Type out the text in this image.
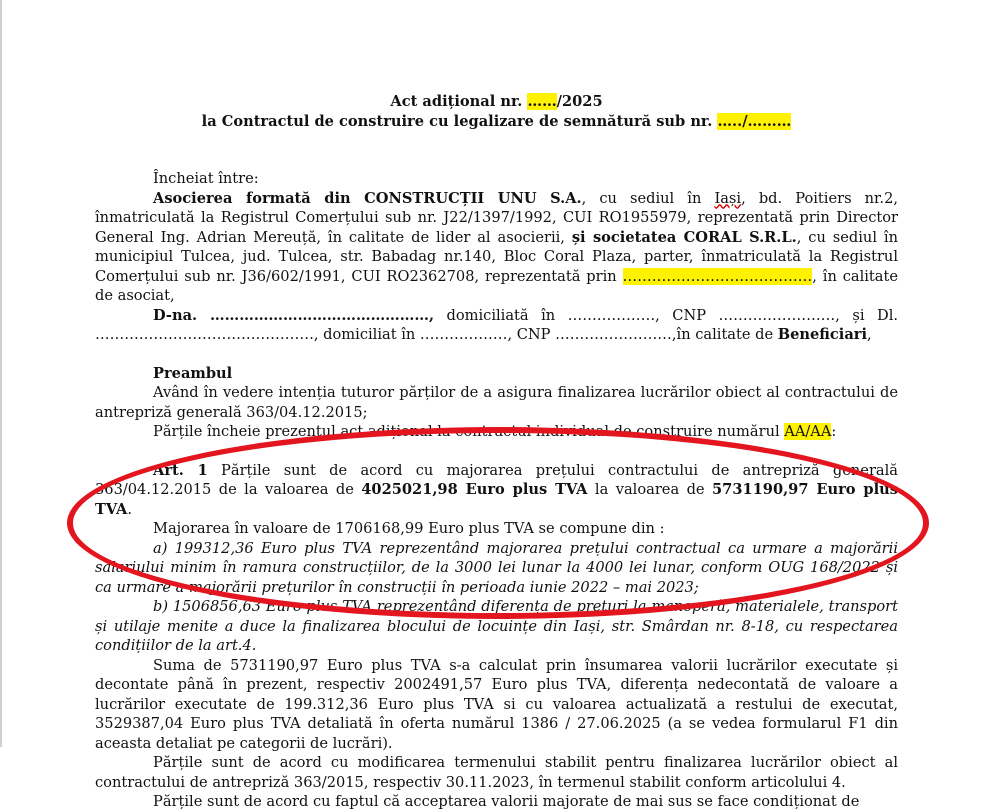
Act adițional nr. ……/2025
la Contractul de construire cu legalizare de semnătură sub nr. …../………
Încheiat între:
Asocierea formată din CONSTRUCȚII UNU S.A., cu sediul în Iași, bd. Poitiers nr.2, înmatriculată la Registrul Comerțului sub nr. J22/1397/1992, CUI RO1955979, reprezentată prin Director General Ing. Adrian Mereuță, în calitate de lider al asocierii, și societatea CORAL S.R.L., cu sediul în municipiul Tulcea, jud. Tulcea, str. Babadag nr.140, Bloc Coral Plaza, parter, înmatriculată la Registrul Comerțului sub nr. J36/602/1991, CUI RO2362708, reprezentată prin …………………………………, în calitate de asociat,
D-na. ………………………………………, domiciliată în ………………, CNP ……………………, și Dl. ………………………………………, domiciliat în ………………, CNP ……………………,în calitate de Beneficiari,
Preambul
Având în vedere intenția tuturor părților de a asigura finalizarea lucrărilor obiect al contractului de antrepriză generală 363/04.12.2015;
Părțile încheie prezentul act adițional la contractul individual de construire numărul AA/AA:
Art. 1 Părțile sunt de acord cu majorarea prețului contractului de antrepriză generală 363/04.12.2015 de la valoarea de 4025021,98 Euro plus TVA la valoarea de 5731190,97 Euro plus TVA.
Majorarea în valoare de 1706168,99 Euro plus TVA se compune din :
a) 199312,36 Euro plus TVA reprezentând majorarea prețului contractual ca urmare a majorării salariului minim în ramura construcțiilor, de la 3000 lei lunar la 4000 lei lunar, conform OUG 168/2022 și ca urmare a majorării prețurilor în construcții în perioada iunie 2022 – mai 2023;
b) 1506856,63 Euro plus TVA reprezentând diferența de prețuri la manoperă, materialele, transport și utilaje menite a duce la finalizarea blocului de locuințe din Iași, str. Smârdan nr. 8-18, cu respectarea condițiilor de la art.4.
Suma de 5731190,97 Euro plus TVA s-a calculat prin însumarea valorii lucrărilor executate și decontate până în prezent, respectiv 2002491,57 Euro plus TVA, diferența nedecontată de valoare a lucrărilor executate de 199.312,36 Euro plus TVA si cu valoarea actualizată a restului de executat, 3529387,04 Euro plus TVA detaliată în oferta numărul 1386 / 27.06.2025 (a se vedea formularul F1 din aceasta detaliat pe categorii de lucrări).
Părțile sunt de acord cu modificarea termenului stabilit pentru finalizarea lucrărilor obiect al contractului de antrepriză 363/2015, respectiv 30.11.2023, în termenul stabilit conform articolului 4.
Părțile sunt de acord cu faptul că acceptarea valorii majorate de mai sus se face condiționat de
